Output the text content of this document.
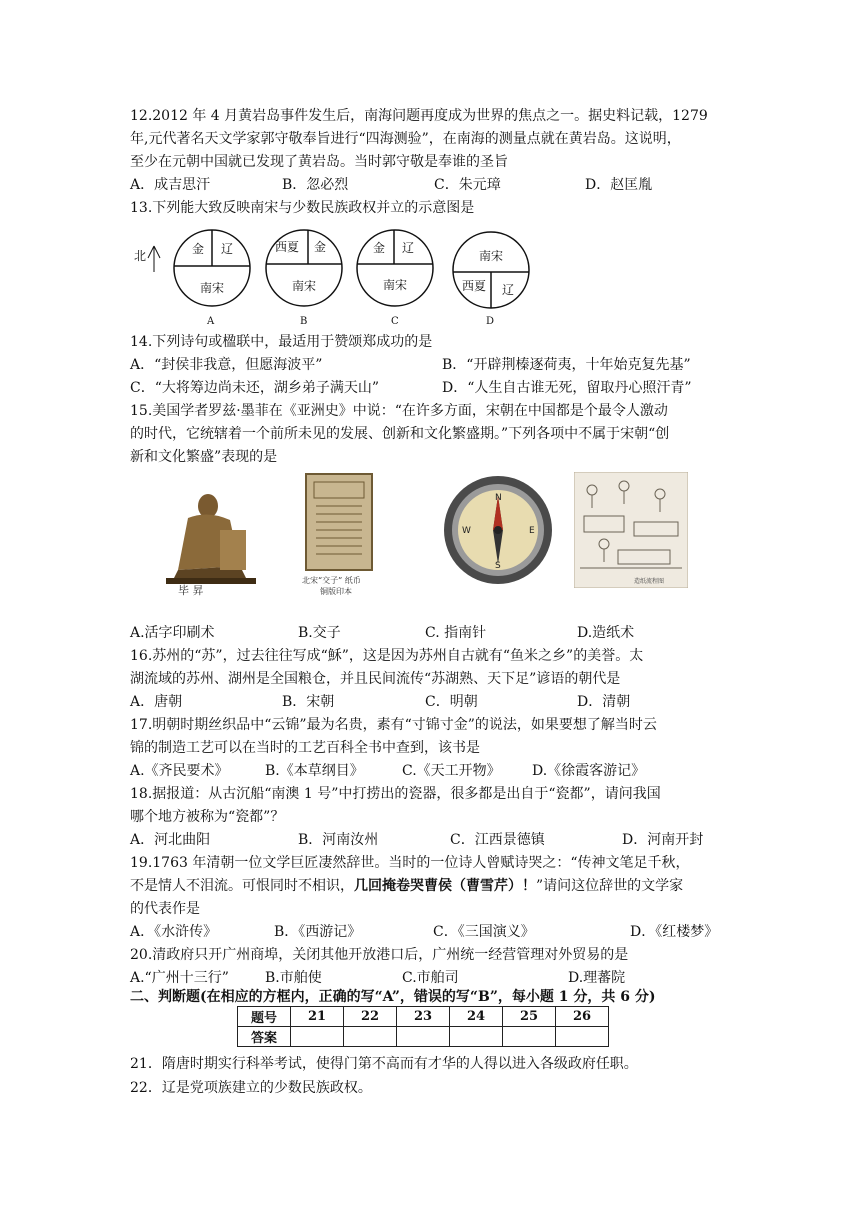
12.2012 年 4 月黄岩岛事件发生后，南海问题再度成为世界的焦点之一。据史料记载，1279
年,元代著名天文学家郭守敬奉旨进行“四海测验”，在南海的测量点就在黄岩岛。这说明，
至少在元朝中国就已发现了黄岩岛。当时郭守敬是奉谁的圣旨
A．成吉思汗	B．忽必烈	C．朱元璋	D．赵匡胤
13.下列能大致反映南宋与少数民族政权并立的示意图是
北	金 辽
南宋
A
西夏 金
南宋
B
金 辽
南宋
C
南宋
西夏 辽
D
14.下列诗句或楹联中，最适用于赞颂郑成功的是
A．“封侯非我意，但愿海波平”	B．“开辟荆榛逐荷夷，十年始克复先基”
C．“大将筹边尚未还，湖乡弟子满天山”	D．“人生自古谁无死，留取丹心照汗青”
15.美国学者罗兹·墨菲在《亚洲史》中说：“在许多方面，宋朝在中国都是个最令人激动
的时代，它统辖着一个前所未见的发展、创新和文化繁盛期。”下列各项中不属于宋朝“创
新和文化繁盛”表现的是
毕 昇
北宋“交子” 纸币
铜版印本
N
S
W	E
造纸流程图
A.活字印刷术	B.交子	C. 指南针	D.造纸术
16.苏州的“苏”，过去往往写成“穌”，这是因为苏州自古就有“鱼米之乡”的美誉。太
湖流域的苏州、湖州是全国粮仓，并且民间流传“苏湖熟、天下足”谚语的朝代是
A．唐朝	B．宋朝	C．明朝	D．清朝
17.明朝时期丝织品中“云锦”最为名贵，素有“寸锦寸金”的说法，如果要想了解当时云
锦的制造工艺可以在当时的工艺百科全书中查到，该书是
A.《齐民要术》	B.《本草纲目》	C.《天工开物》 D.《徐霞客游记》
18.据报道：从古沉船“南澳 1 号”中打捞出的瓷器，很多都是出自于“瓷都”，请问我国
哪个地方被称为“瓷都”？
A．河北曲阳	B．河南汝州	C．江西景德镇	D．河南开封
19.1763 年清朝一位文学巨匠凄然辞世。当时的一位诗人曾赋诗哭之：“传神文笔足千秋，
不是情人不泪流。可恨同时不相识，几回掩卷哭曹侯（曹雪芹）！”请问这位辞世的文学家
的代表作是
A．《水浒传》	B．《西游记》	C．《三国演义》	D．《红楼梦》
20.清政府只开广州商埠，关闭其他开放港口后，广州统一经营管理对外贸易的是
A.“广州十三行”	B.市舶使	C.市舶司	D.理蕃院
二、判断题(在相应的方框内，正确的写“A”，错误的写“B”，每小题 1 分，共 6 分)
题号	21	22	23	24	25	26
答案						
21．隋唐时期实行科举考试，使得门第不高而有才华的人得以进入各级政府任职。
22．辽是党项族建立的少数民族政权。
